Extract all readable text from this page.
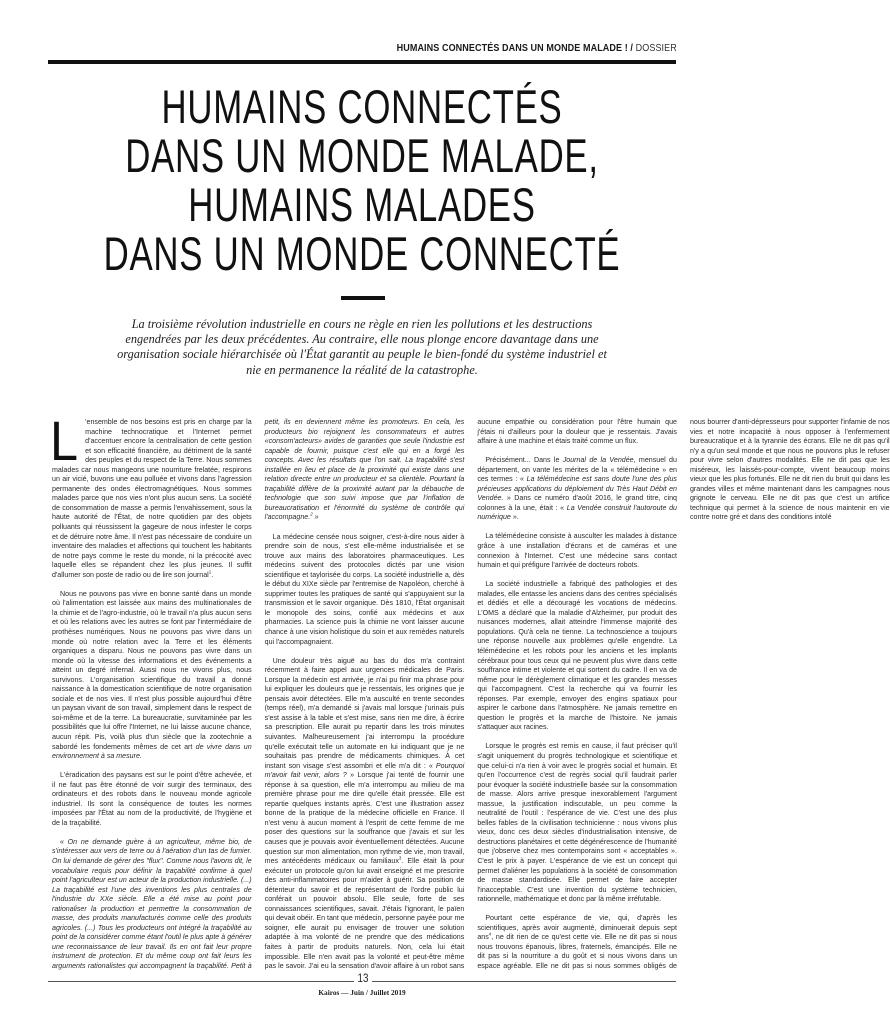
HUMAINS CONNECTÉS DANS UN MONDE MALADE ! / DOSSIER
HUMAINS CONNECTÉS
DANS UN MONDE MALADE,
HUMAINS MALADES
DANS UN MONDE CONNECTÉ
La troisième révolution industrielle en cours ne règle en rien les pollutions et les destructions engendrées par les deux précédentes. Au contraire, elle nous plonge encore davantage dans une organisation sociale hiérarchisée où l'État garantit au peuple le bien-fondé du système industriel et nie en permanence la réalité de la catastrophe.

L 'ensemble de nos besoins est pris en charge par la machine technocratique et l'Internet permet d'accentuer encore la centralisation de cette gestion et son efficacité financière, au détriment de la santé des peuples et du respect de la Terre. Nous sommes malades car nous mangeons une nourriture frelatée, respirons un air vicié, buvons une eau polluée et vivons dans l'agression permanente des ondes électromagnétiques. Nous sommes malades parce que nos vies n'ont plus aucun sens. La société de consommation de masse a permis l'envahissement, sous la haute autorité de l'État, de notre quotidien par des objets polluants qui réussissent la gageure de nous infester le corps et de détruire notre âme. Il n'est pas nécessaire de conduire un inventaire des maladies et affections qui touchent les habitants de notre pays comme le reste du monde, ni la précocité avec laquelle elles se répandent chez les plus jeunes. Il suffit d'allumer son poste de radio ou de lire son journal$^1$.

Nous ne pouvons pas vivre en bonne santé dans un monde où l'alimentation est laissée aux mains des multinationales de la chimie et de l'agro-industrie, où le travail n'a plus aucun sens et où les relations avec les autres se font par l'intermédiaire de prothèses numériques. Nous ne pouvons pas vivre dans un monde où notre relation avec la Terre et les éléments organiques a disparu. Nous ne pouvons pas vivre dans un monde où la vitesse des informations et des événements a atteint un degré infernal. Aussi nous ne vivons plus, nous survivons. L'organisation scientifique du travail a donné naissance à la domestication scientifique de notre organisation sociale et de nos vies. Il n'est plus possible aujourd'hui d'être un paysan vivant de son travail, simplement dans le respect de soi-même et de la terre. La bureaucratie, survitaminée par les possibilités que lui offre l'Internet, ne lui laisse aucune chance, aucun répit. Pis, voilà plus d'un siècle que la zootechnie a sabordé les fondements mêmes de cet art de vivre dans un environnement à sa mesure.

L'éradication des paysans est sur le point d'être achevée, et il ne faut pas être étonné de voir surgir des terminaux, des ordinateurs et des robots dans le nouveau monde agricole industriel. Ils sont la conséquence de toutes les normes imposées par l'État au nom de la productivité, de l'hygiène et de la traçabilité.

« On ne demande guère à un agriculteur, même bio, de s'intéresser aux vers de terre ou à l'aération d'un tas de fumier. On lui demande de gérer des "flux". Comme nous l'avons dit, le vocabulaire requis pour définir la traçabilité confirme à quel point l'agriculteur est un acteur de la production industrielle. (...) La traçabilité est l'une des inventions les plus centrales de l'industrie du XXe siècle. Elle a été mise au point pour rationaliser la production et permettre la consommation de masse, des produits manufacturés comme celle des produits agricoles. (...) Tous les producteurs ont intégré la traçabilité au point de la considérer comme étant l'outil le plus apte à générer une reconnaissance de leur travail. Ils en ont fait leur propre instrument de protection. Et du même coup ont fait leurs les arguments rationalistes qui accompagnent la traçabilité. Petit à petit, ils en deviennent même les promoteurs. En cela, les producteurs bio rejoignent les consommateurs et autres «consom'acteurs» avides de garanties que seule l'industrie est capable de fournir, puisque c'est elle qui en a forgé les concepts. Avec les résultats que l'on sait. La traçabilité s'est installée en lieu et place de la proximité qui existe dans une relation directe entre un producteur et sa clientèle. Pourtant la traçabilité diffère de la proximité autant par la débauche de technologie que son suivi impose que par l'inflation de bureaucratisation et l'énormité du système de contrôle qui l'accompagne.$^2$ »

La médecine censée nous soigner, c'est-à-dire nous aider à prendre soin de nous, s'est elle-même industrialisée et se trouve aux mains des laboratoires pharmaceutiques. Les médecins suivent des protocoles dictés par une vision scientifique et taylorisée du corps. La société industrielle a, dès le début du XIXe siècle par l'entremise de Napoléon, cherché à supprimer toutes les pratiques de santé qui s'appuyaient sur la transmission et le savoir organique. Dès 1810, l'État organisait le monopole des soins, confié aux médecins et aux pharmacies. La science puis la chimie ne vont laisser aucune chance à une vision holistique du soin et aux remèdes naturels qui l'accompagnaient.

Une douleur très aiguë au bas du dos m'a contraint récemment à faire appel aux urgences médicales de Paris. Lorsque la médecin est arrivée, je n'ai pu finir ma phrase pour lui expliquer les douleurs que je ressentais, les origines que je pensais avoir détectées. Elle m'a ausculté en trente secondes (temps réel), m'a demandé si j'avais mal lorsque j'urinais puis s'est assise à la table et s'est mise, sans rien me dire, à écrire sa prescription. Elle aurait pu repartir dans les trois minutes suivantes. Malheureusement j'ai interrompu la procédure qu'elle exécutait telle un automate en lui indiquant que je ne souhaitais pas prendre de médicaments chimiques. À cet instant son visage s'est assombri et elle m'a dit : « Pourquoi m'avoir fait venir, alors ? » Lorsque j'ai tenté de fournir une réponse à sa question, elle m'a interrompu au milieu de ma première phrase pour me dire qu'elle était pressée. Elle est repartie quelques instants après. C'est une illustration assez bonne de la pratique de la médecine officielle en France. Il n'est venu à aucun moment à l'esprit de cette femme de me poser des questions sur la souffrance que j'avais et sur les causes que je pouvais avoir éventuellement détectées. Aucune question sur mon alimentation, mon rythme de vie, mon travail, mes antécédents médicaux ou familiaux$^3$. Elle était là pour exécuter un protocole qu'on lui avait enseigné et me prescrire des anti-inflammatoires pour m'aider à guérir. Sa position de détenteur du savoir et de représentant de l'ordre public lui conférait un pouvoir absolu. Elle seule, forte de ses connaissances scientifiques, savait. J'étais l'ignorant, le païen qui devait obéir. En tant que médecin, personne payée pour me soigner, elle aurait pu envisager de trouver une solution adaptée à ma volonté de ne prendre que des médications faites à partir de produits naturels. Non, cela lui était impossible. Elle n'en avait pas la volonté et peut-être même pas le savoir. J'ai eu la sensation d'avoir affaire à un robot sans aucune empathie ou considération pour l'être humain que j'étais ni d'ailleurs pour la douleur que je ressentais. J'avais affaire à une machine et étais traité comme un flux.

Précisément... Dans le Journal de la Vendée, mensuel du département, on vante les mérites de la « télémédecine » en ces termes : « La télémédecine est sans doute l'une des plus précieuses applications du déploiement du Très Haut Débit en Vendée. » Dans ce numéro d'août 2016, le grand titre, cinq colonnes à la une, était : « La Vendée construit l'autoroute du numérique ».

La télémédecine consiste à ausculter les malades à distance grâce à une installation d'écrans et de caméras et une connexion à l'Internet. C'est une médecine sans contact humain et qui préfigure l'arrivée de docteurs robots.

La société industrielle a fabriqué des pathologies et des malades, elle entasse les anciens dans des centres spécialisés et dédiés et elle a découragé les vocations de médecins. L'OMS a déclaré que la maladie d'Alzheimer, pur produit des nuisances modernes, allait atteindre l'immense majorité des populations. Qu'à cela ne tienne. La technoscience a toujours une réponse nouvelle aux problèmes qu'elle engendre. La télémédecine et les robots pour les anciens et les implants cérébraux pour tous ceux qui ne peuvent plus vivre dans cette souffrance intime et violente et qui sortent du cadre. Il en va de même pour le dérèglement climatique et les grandes messes qui l'accompagnent. C'est la recherche qui va fournir les réponses. Par exemple, envoyer des engins spatiaux pour aspirer le carbone dans l'atmosphère. Ne jamais remettre en question le progrès et la marche de l'histoire. Ne jamais s'attaquer aux racines.

Lorsque le progrès est remis en cause, il faut préciser qu'il s'agit uniquement du progrès technologique et scientifique et que celui-ci n'a rien à voir avec le progrès social et humain. Et qu'en l'occurrence c'est de regrès social qu'il faudrait parler pour évoquer la société industrielle basée sur la consommation de masse. Alors arrive presque inexorablement l'argument massue, la justification indiscutable, un peu comme la neutralité de l'outil : l'espérance de vie. C'est une des plus belles fables de la civilisation technicienne : nous vivons plus vieux, donc ces deux siècles d'industrialisation intensive, de destructions planétaires et cette dégénérescence de l'humanité que j'observe chez mes contemporains sont « acceptables ». C'est le prix à payer. L'espérance de vie est un concept qui permet d'aliéner les populations à la société de consommation de masse standardisée. Elle permet de faire accepter l'inacceptable. C'est une invention du système technicien, rationnelle, mathématique et donc par là même irréfutable.

Pourtant cette espérance de vie, qui, d'après les scientifiques, après avoir augmenté, diminuerait depuis sept ans$^4$, ne dit rien de ce qu'est cette vie. Elle ne dit pas si nous nous trouvons épanouis, libres, fraternels, émancipés. Elle ne dit pas si la nourriture a du goût et si nous vivons dans un espace agréable. Elle ne dit pas si nous sommes obligés de nous bourrer d'anti-dépresseurs pour supporter l'infamie de nos vies et notre incapacité à nous opposer à l'enfermement bureaucratique et à la tyrannie des écrans. Elle ne dit pas qu'il n'y a qu'un seul monde et que nous ne pouvons plus le refuser pour vivre selon d'autres modalités. Elle ne dit pas que les miséreux, les laissés-pour-compte, vivent beaucoup moins vieux que les plus fortunés. Elle ne dit rien du bruit qui dans les grandes villes et même maintenant dans les campagnes nous grignote le cerveau. Elle ne dit pas que c'est un artifice technique qui permet à la science de nous maintenir en vie contre notre gré et dans des conditions intolé

13
Kairos — Juin / Juillet 2019
